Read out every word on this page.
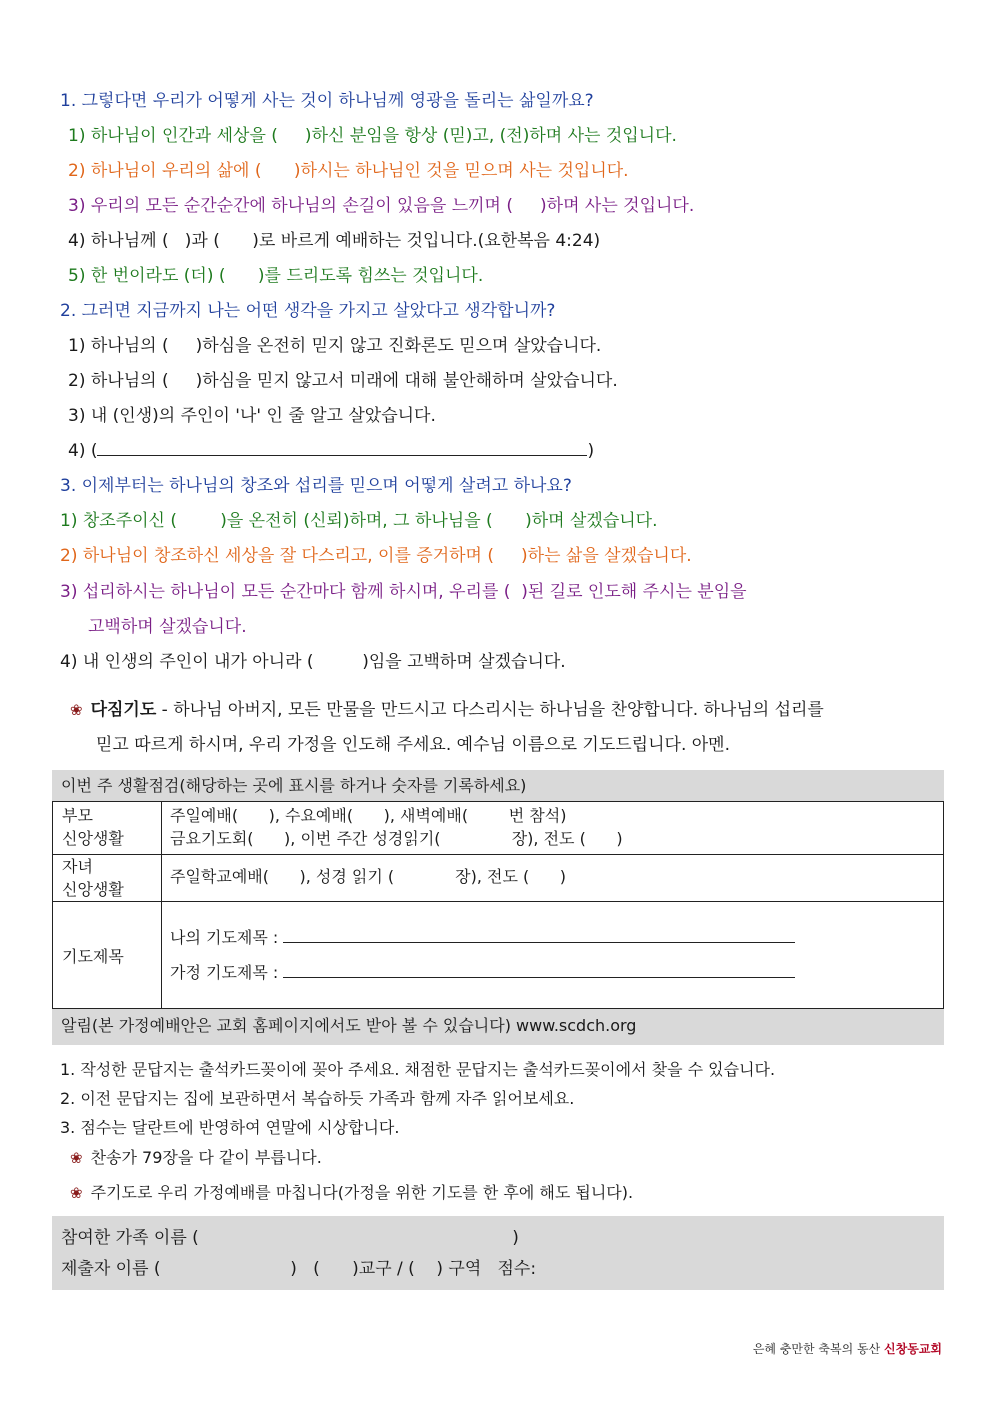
1. 그렇다면 우리가 어떻게 사는 것이 하나님께 영광을 돌리는 삶일까요?
1) 하나님이 인간과 세상을 (     )하신 분임을 항상 (믿)고, (전)하며 사는 것입니다.
2) 하나님이 우리의 삶에 (      )하시는 하나님인 것을 믿으며 사는 것입니다.
3) 우리의 모든 순간순간에 하나님의 손길이 있음을 느끼며 (     )하며 사는 것입니다.
4) 하나님께 (   )과 (      )로 바르게 예배하는 것입니다.(요한복음 4:24)
5) 한 번이라도 (더) (      )를 드리도록 힘쓰는 것입니다.
2. 그러면 지금까지 나는 어떤 생각을 가지고 살았다고 생각합니까?
1) 하나님의 (     )하심을 온전히 믿지 않고 진화론도 믿으며 살았습니다.
2) 하나님의 (     )하심을 믿지 않고서 미래에 대해 불안해하며 살았습니다.
3) 내 (인생)의 주인이 '나' 인 줄 알고 살았습니다.
4) (	)
3. 이제부터는 하나님의 창조와 섭리를 믿으며 어떻게 살려고 하나요?
1) 창조주이신 (        )을 온전히 (신뢰)하며, 그 하나님을 (      )하며 살겠습니다.
2) 하나님이 창조하신 세상을 잘 다스리고, 이를 증거하며 (     )하는 삶을 살겠습니다.
3) 섭리하시는 하나님이 모든 순간마다 함께 하시며, 우리를 (  )된 길로 인도해 주시는 분임을
고백하며 살겠습니다.
4) 내 인생의 주인이 내가 아니라 (         )임을 고백하며 살겠습니다.
❀ 다짐기도 - 하나님 아버지, 모든 만물을 만드시고 다스리시는 하나님을 찬양합니다. 하나님의 섭리를
믿고 따르게 하시며, 우리 가정을 인도해 주세요. 예수님 이름으로 기도드립니다. 아멘.
이번 주 생활점검(해당하는 곳에 표시를 하거나 숫자를 기록하세요)
부모
신앙생활
주일예배(      ), 수요예배(      ), 새벽예배(        번 참석)
금요기도회(      ), 이번 주간 성경읽기(              장), 전도 (      )
자녀
신앙생활
주일학교예배(      ), 성경 읽기 (            장), 전도 (      )
기도제목
나의 기도제목 :
가정 기도제목 :
알림(본 가정예배안은 교회 홈페이지에서도 받아 볼 수 있습니다) www.scdch.org
1. 작성한 문답지는 출석카드꽂이에 꽂아 주세요. 채점한 문답지는 출석카드꽂이에서 찾을 수 있습니다.
2. 이전 문답지는 집에 보관하면서 복습하듯 가족과 함께 자주 읽어보세요.
3. 점수는 달란트에 반영하여 연말에 시상합니다.
❀ 찬송가 79장을 다 같이 부릅니다.
❀ 주기도로 우리 가정예배를 마칩니다(가정을 위한 기도를 한 후에 해도 됩니다).
참여한 가족 이름 (                                                          )
제출자 이름 (                        )   (      )교구 / (    ) 구역   점수:
은혜 충만한 축복의 동산 신창동교회
